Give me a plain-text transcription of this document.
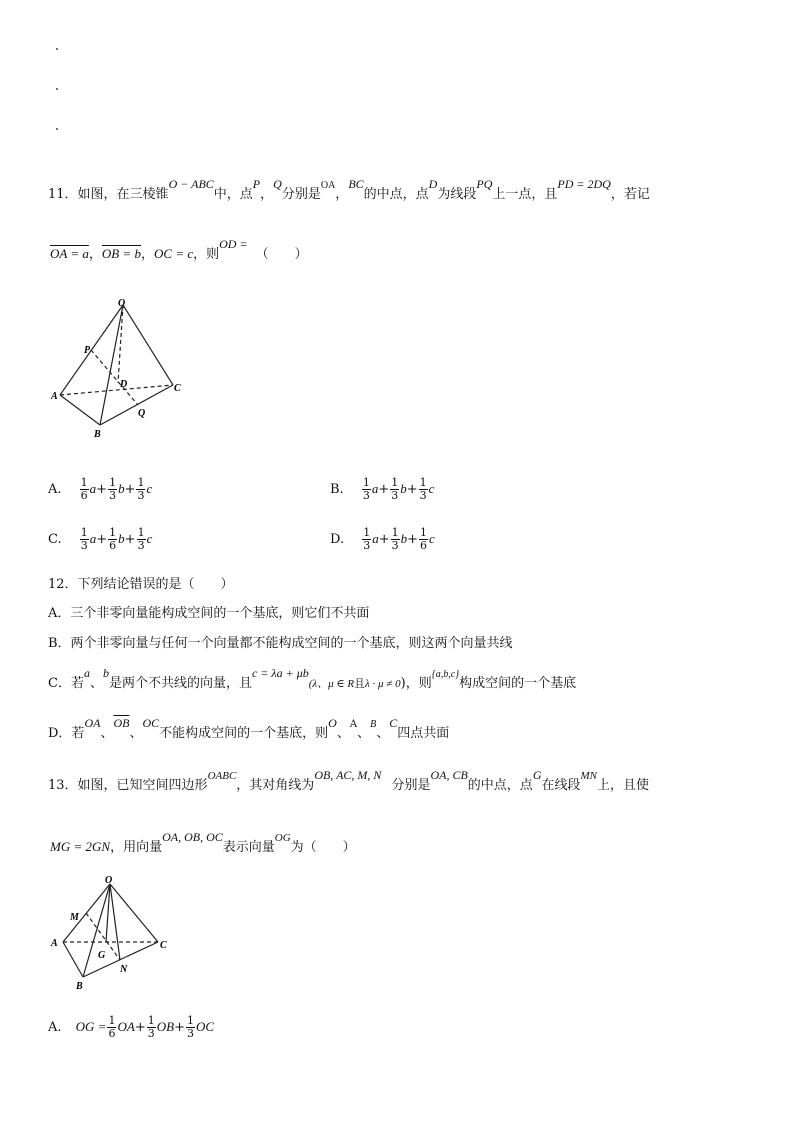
11．如图，在三棱锥O − ABC中，点P，Q分别是$^{OA}$，BC的中点，点D为线段PQ上一点，且PD = 2DQ，若记
OA = a，OB = b，OC = c，则OD =（　　）
O
P
D
A
C
Q
B
A. $\frac{1}{6} a+ \frac{1}{3} b+ \frac{1}{3}$ c	B. $\frac{1}{3} a+ \frac{1}{3} b+ \frac{1}{3}$ c
C. $\frac{1}{3} a+ \frac{1}{6} b+ \frac{1}{3}$ c	D. $\frac{1}{3} a+ \frac{1}{3} b+ \frac{1}{6}$ c
12．下列结论错误的是（　　）
A．三个非零向量能构成空间的一个基底，则它们不共面
B．两个非零向量与任何一个向量都不能构成空间的一个基底，则这两个向量共线
C．若a、b是两个不共线的向量，且c = λa + μb(λ、μ ∈ R且λ · μ ≠ 0)，则$^{\{a,b,c\}}$构成空间的一个基底
D．若OA、$\overline{OB}$、OC不能构成空间的一个基底，则O、$^A$、$^B$、C四点共面
13．如图，已知空间四边形$^{OABC}$，其对角线为OB, AC, M, N分别是OA, CB的中点，点G在线段$^{MN}$上，且使
MG = 2GN，用向量OA, OB, OC表示向量$^{OG}$为（　　）
O
M
A
G
N
C
B
A. OG = $\frac{1}{6} OA+ \frac{1}{3} OB+ \frac{1}{3}$ OC
